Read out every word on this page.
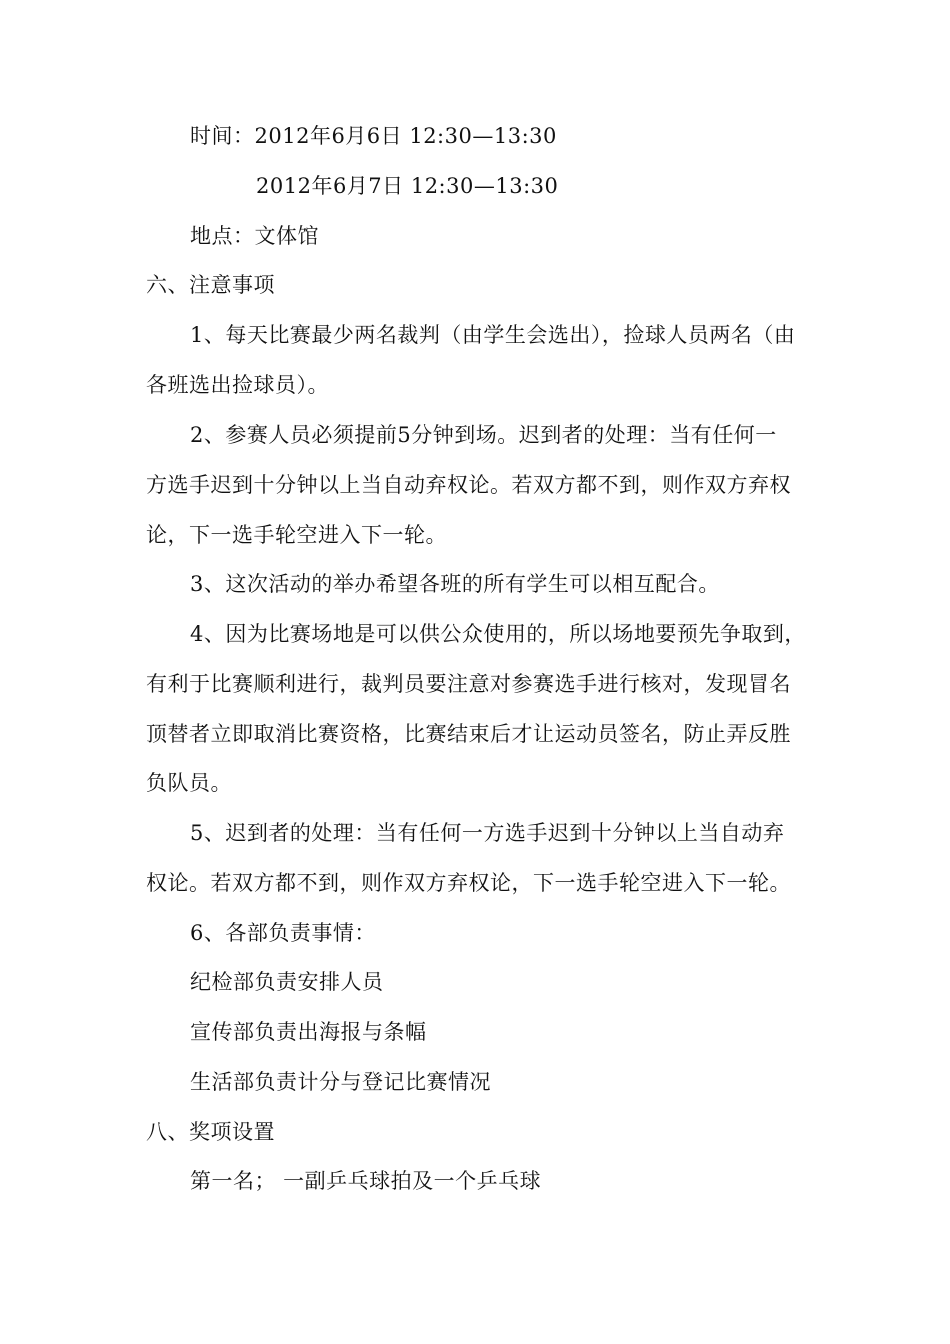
时间：2012年6月6日 12:30—13:30
2012年6月7日 12:30—13:30
地点：文体馆
六、注意事项
1、每天比赛最少两名裁判（由学生会选出），捡球人员两名（由
各班选出捡球员）。
2、参赛人员必须提前5分钟到场。迟到者的处理：当有任何一
方选手迟到十分钟以上当自动弃权论。若双方都不到，则作双方弃权
论，下一选手轮空进入下一轮。
3、这次活动的举办希望各班的所有学生可以相互配合。
4、因为比赛场地是可以供公众使用的，所以场地要预先争取到，
有利于比赛顺利进行，裁判员要注意对参赛选手进行核对，发现冒名
顶替者立即取消比赛资格，比赛结束后才让运动员签名，防止弄反胜
负队员。
5、迟到者的处理：当有任何一方选手迟到十分钟以上当自动弃
权论。若双方都不到，则作双方弃权论，下一选手轮空进入下一轮。
6、各部负责事情：
纪检部负责安排人员
宣传部负责出海报与条幅
生活部负责计分与登记比赛情况
八、奖项设置
第一名； 一副乒乓球拍及一个乒乓球
